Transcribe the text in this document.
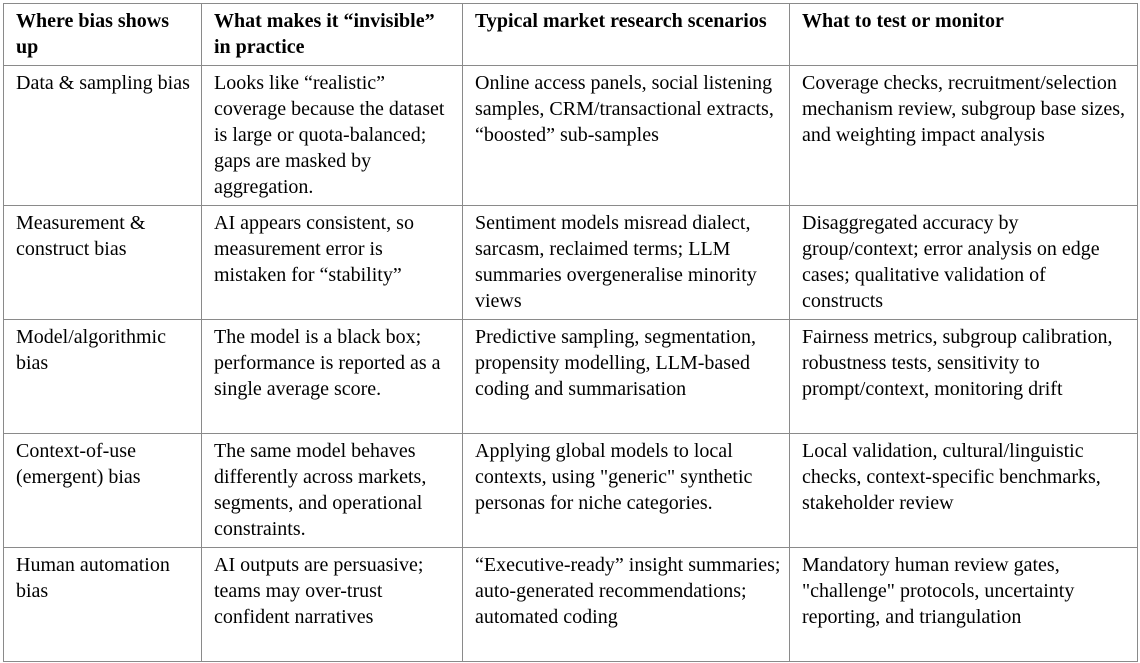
Where bias shows up	What makes it “invisible” in practice	Typical market research scenarios	What to test or monitor
Data & sampling bias	Looks like “realistic” coverage because the dataset is large or quota-balanced; gaps are masked by aggregation.	Online access panels, social listening samples, CRM/transactional extracts, “boosted” sub-samples	Coverage checks, recruitment/selection mechanism review, subgroup base sizes, and weighting impact analysis
Measurement & construct bias	AI appears consistent, so measurement error is mistaken for “stability”	Sentiment models misread dialect, sarcasm, reclaimed terms; LLM summaries overgeneralise minority views	Disaggregated accuracy by group/context; error analysis on edge cases; qualitative validation of constructs
Model/algorithmic bias	The model is a black box; performance is reported as a single average score.	Predictive sampling, segmentation, propensity modelling, LLM-based coding and summarisation	Fairness metrics, subgroup calibration, robustness tests, sensitivity to prompt/context, monitoring drift
Context-of-use (emergent) bias	The same model behaves differently across markets, segments, and operational constraints.	Applying global models to local contexts, using "generic" synthetic personas for niche categories.	Local validation, cultural/linguistic checks, context-specific benchmarks, stakeholder review
Human automation bias	AI outputs are persuasive; teams may over-trust confident narratives	“Executive-ready” insight summaries; auto-generated recommendations; automated coding	Mandatory human review gates, "challenge" protocols, uncertainty reporting, and triangulation
